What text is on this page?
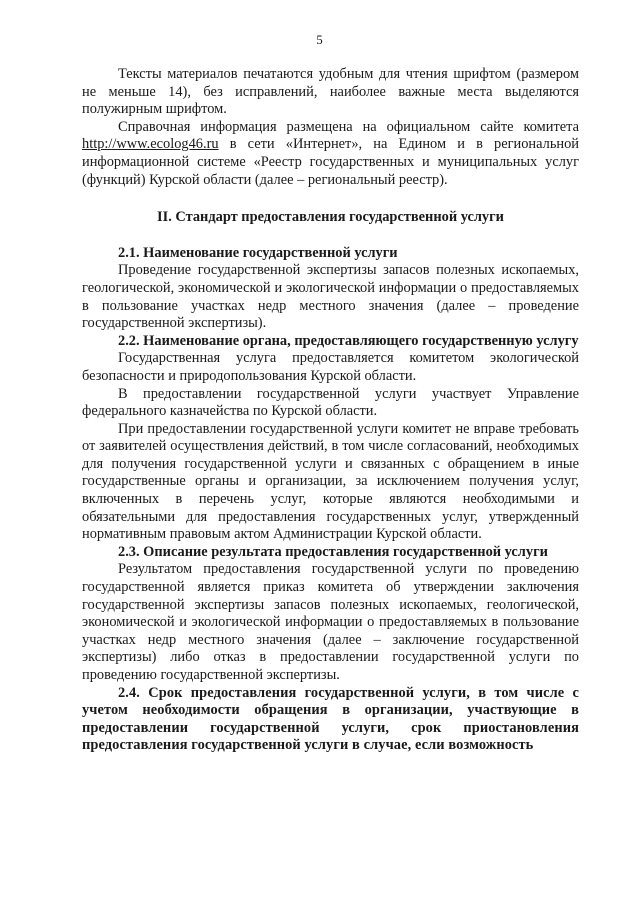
5

Тексты материалов печатаются удобным для чтения шрифтом (размером не меньше 14), без исправлений, наиболее важные места выделяются полужирным шрифтом.

Справочная информация размещена на официальном сайте комитета http://www.ecolog46.ru в сети «Интернет», на Едином и в региональной информационной системе «Реестр государственных и муниципальных услуг (функций) Курской области (далее – региональный реестр).

II. Стандарт предоставления государственной услуги

2.1. Наименование государственной услуги

Проведение государственной экспертизы запасов полезных ископаемых, геологической, экономической и экологической информации о предоставляемых в пользование участках недр местного значения (далее – проведение государственной экспертизы).

2.2. Наименование органа, предоставляющего государственную услугу

Государственная услуга предоставляется комитетом экологической безопасности и природопользования Курской области.

В предоставлении государственной услуги участвует Управление федерального казначейства по Курской области.

При предоставлении государственной услуги комитет не вправе требовать от заявителей осуществления действий, в том числе согласований, необходимых для получения государственной услуги и связанных с обращением в иные государственные органы и организации, за исключением получения услуг, включенных в перечень услуг, которые являются необходимыми и обязательными для предоставления государственных услуг, утвержденный нормативным правовым актом Администрации Курской области.

2.3. Описание результата предоставления государственной услуги

Результатом предоставления государственной услуги по проведению государственной является приказ комитета об утверждении заключения государственной экспертизы запасов полезных ископаемых, геологической, экономической и экологической информации о предоставляемых в пользование участках недр местного значения (далее – заключение государственной экспертизы) либо отказ в предоставлении государственной услуги по проведению государственной экспертизы.

2.4. Срок предоставления государственной услуги, в том числе с учетом необходимости обращения в организации, участвующие в предоставлении государственной услуги, срок приостановления предоставления государственной услуги в случае, если возможность
